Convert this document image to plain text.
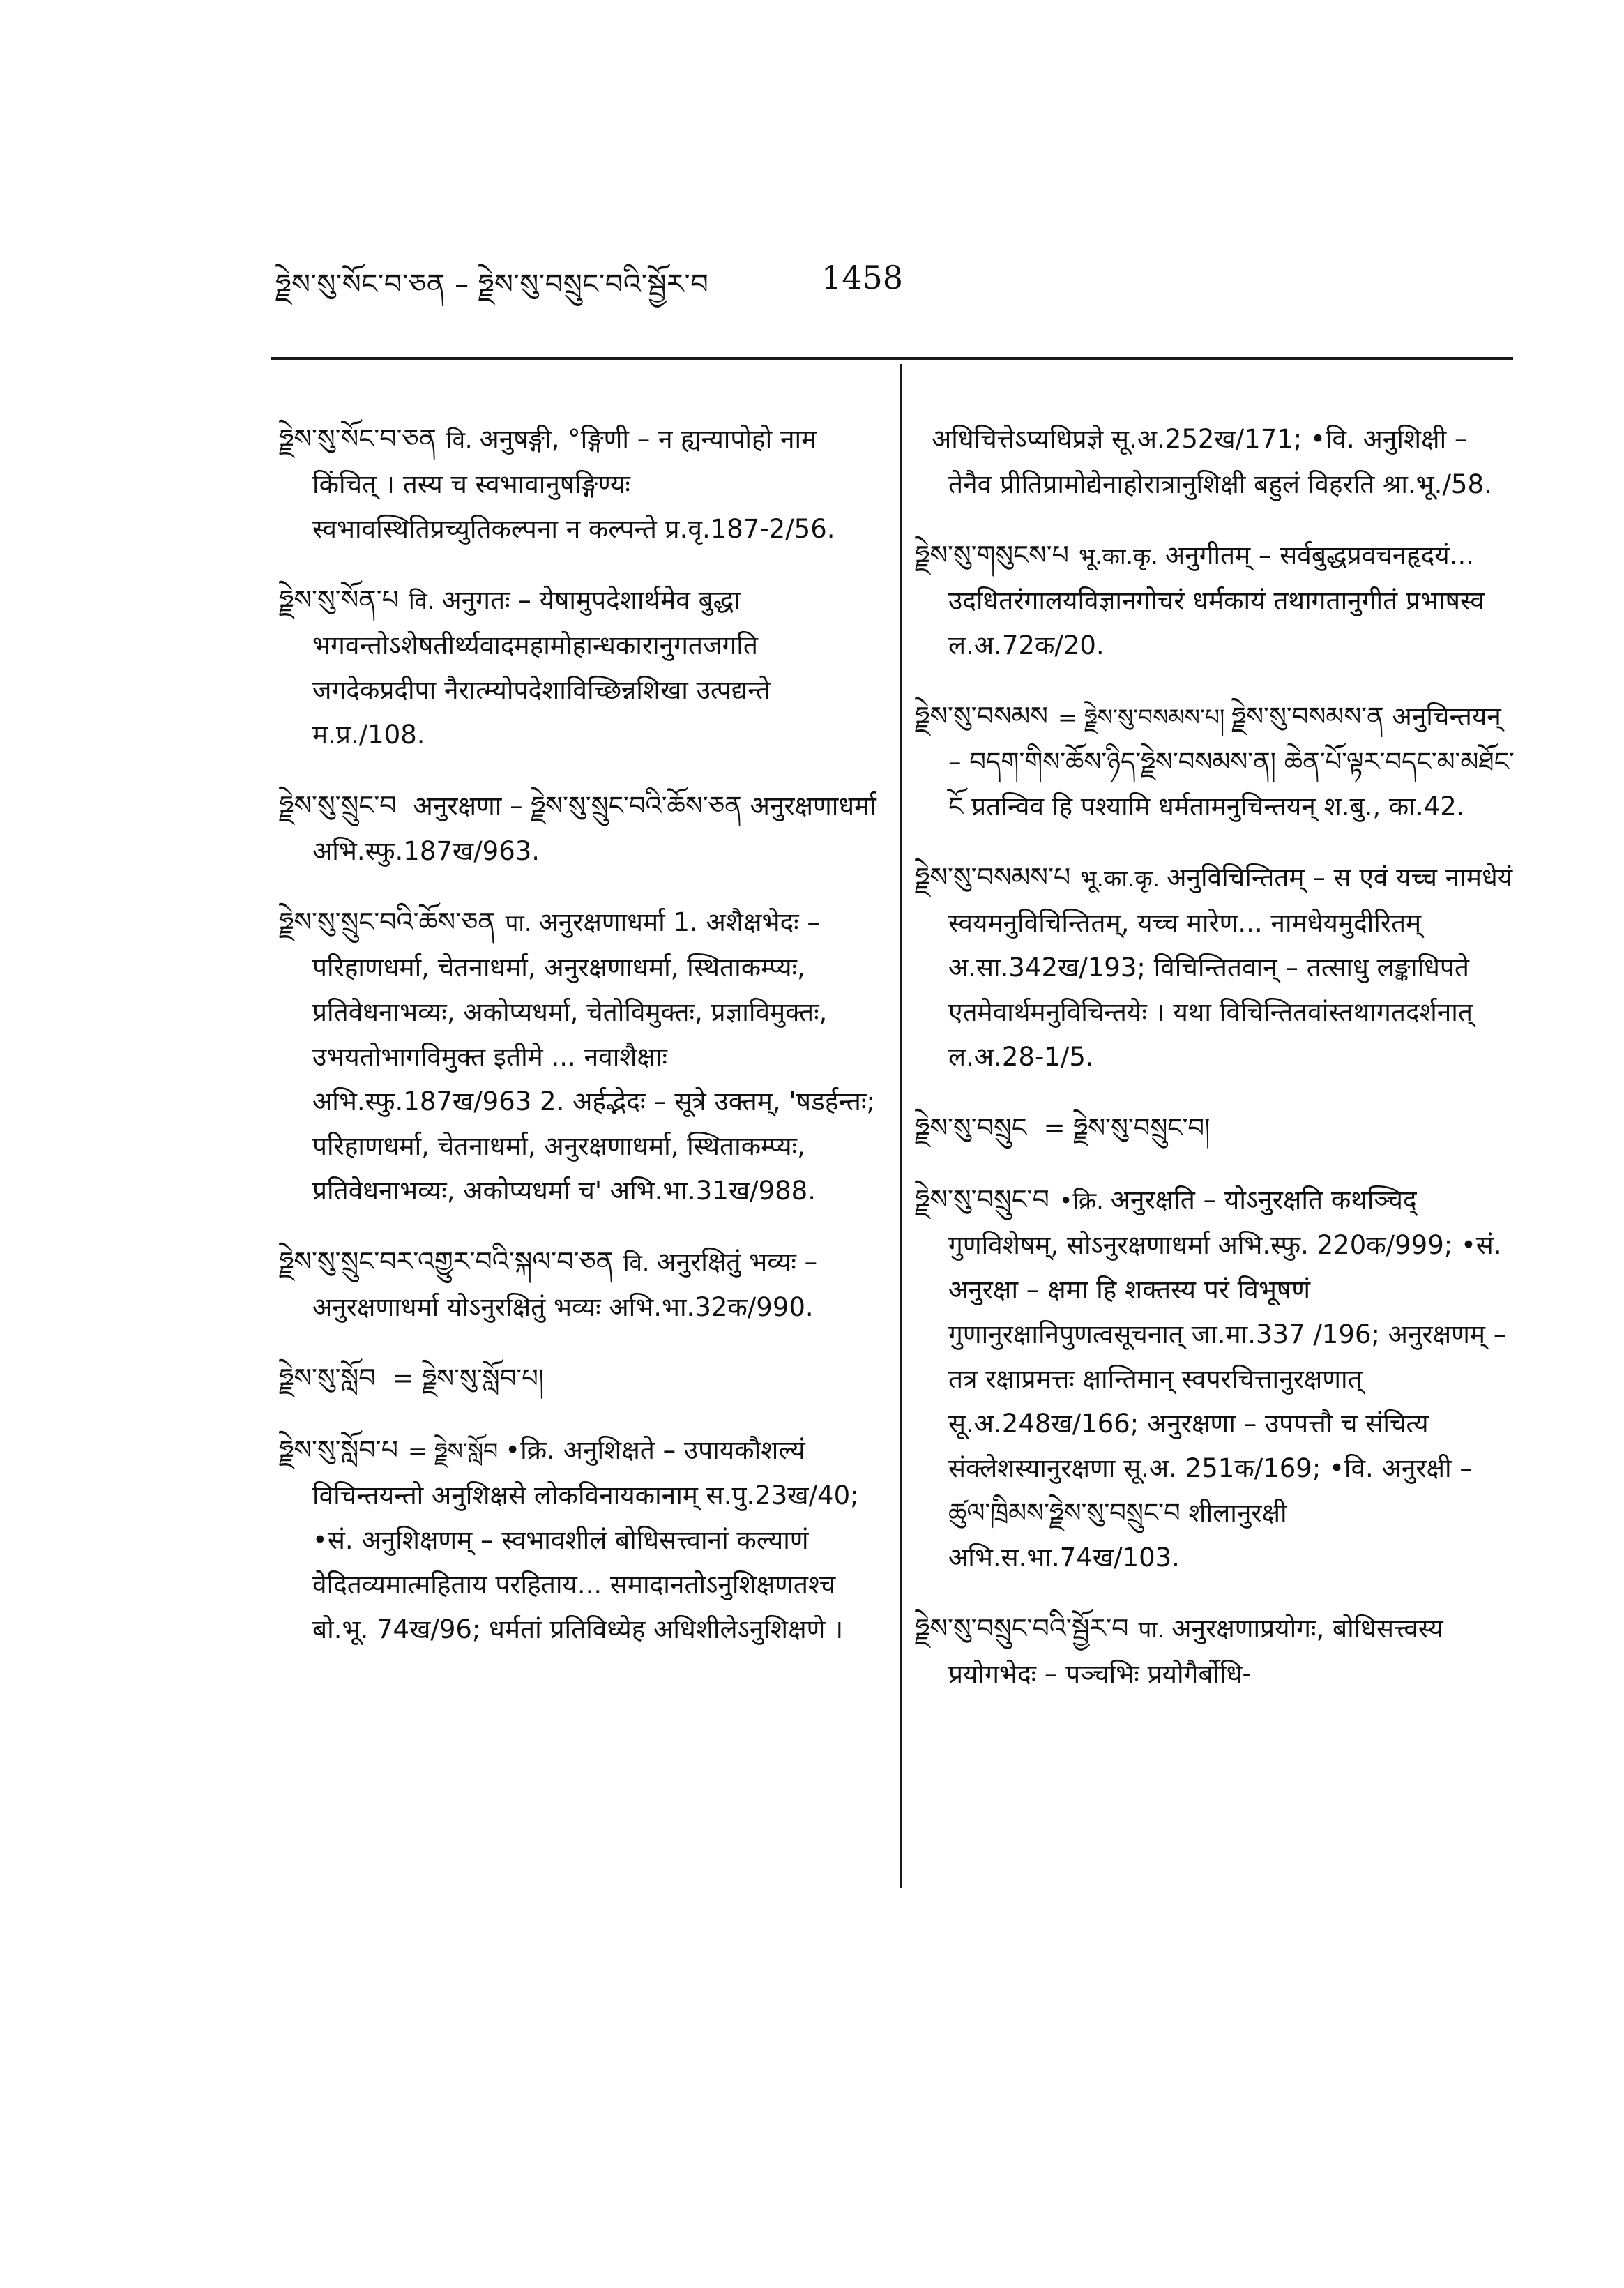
ཧྗེས་སུ་སོང་བ་ཅན – ཧྗེས་སུ་བསྲུང་བའི་སྦྱོར་བ	1458

ཧྗེས་སུ་སོང་བ་ཅན वि. अनुषङ्गी, °ङ्गिणी – न ह्यन्यापोहो नाम किंचित् । तस्य च स्वभावानुषङ्गिण्यः स्वभावस्थितिप्रच्युतिकल्पना न कल्पन्ते प्र.वृ.187-2/56.

ཧྗེས་སུ་སོན་པ वि. अनुगतः – येषामुपदेशार्थमेव बुद्धा भगवन्तोऽशेषतीर्थ्यवादमहामोहान्धकारानुगतजगति जगदेकप्रदीपा नैरात्म्योपदेशाविच्छिन्नशिखा उत्पद्यन्ते म.प्र./108.

ཧྗེས་སུ་སྲུང་བ अनुरक्षणा – ཧྗེས་སུ་སྲུང་བའི་ཆོས་ཅན अनुरक्षणाधर्मा अभि.स्फु.187ख/963.

ཧྗེས་སུ་སྲུང་བའི་ཆོས་ཅན पा. अनुरक्षणाधर्मा 1. अशैक्षभेदः – परिहाणधर्मा, चेतनाधर्मा, अनुरक्षणाधर्मा, स्थिताकम्प्यः, प्रतिवेधनाभव्यः, अकोप्यधर्मा, चेतोविमुक्तः, प्रज्ञाविमुक्तः, उभयतोभागविमुक्त इतीमे ... नवाशैक्षाः अभि.स्फु.187ख/963 2. अर्हद्भेदः – सूत्रे उक्तम्, 'षडर्हन्तः; परिहाणधर्मा, चेतनाधर्मा, अनुरक्षणाधर्मा, स्थिताकम्प्यः, प्रतिवेधनाभव्यः, अकोप्यधर्मा च' अभि.भा.31ख/988.

ཧྗེས་སུ་སྲུང་བར་འགྱུར་བའི་སྐལ་བ་ཅན वि. अनुरक्षितुं भव्यः – अनुरक्षणाधर्मा योऽनुरक्षितुं भव्यः अभि.भा.32क/990.

ཧྗེས་སུ་སློབ = ཧྗེས་སུ་སློབ་པ།

ཧྗེས་སུ་སློབ་པ = ཧྗེས་སློབ •क्रि. अनुशिक्षते – उपायकौशल्यं विचिन्तयन्तो अनुशिक्षसे लोकविनायकानाम् स.पु.23ख/40; •सं. अनुशिक्षणम् – स्वभावशीलं बोधिसत्त्वानां कल्याणं वेदितव्यमात्महिताय परहिताय... समादानतोऽनुशिक्षणतश्च बो.भू. 74ख/96; धर्मतां प्रतिविध्येह अधिशीलेऽनुशिक्षणे ।

अधिचित्तेऽप्यधिप्रज्ञे सू.अ.252ख/171; •वि. अनुशिक्षी – तेनैव प्रीतिप्रामोद्येनाहोरात्रानुशिक्षी बहुलं विहरति श्रा.भू./58.

ཧྗེས་སུ་གསུངས་པ भू.का.कृ. अनुगीतम् – सर्वबुद्धप्रवचनहृदयं... उदधितरंगालयविज्ञानगोचरं धर्मकायं तथागतानुगीतं प्रभाषस्व ल.अ.72क/20.

ཧྗེས་སུ་བསམས = ཧྗེས་སུ་བསམས་པ། ཧྗེས་སུ་བསམས་ན अनुचिन्तयन् – བདག་གིས་ཆོས་ཉིད་ཧྗེས་བསམས་ན། ཆེན་པོ་ལྟར་བདང་མ་མཐོང་ངོ प्रतन्विव हि पश्यामि धर्मतामनुचिन्तयन् श.बु., का.42.

ཧྗེས་སུ་བསམས་པ भू.का.कृ. अनुविचिन्तितम् – स एवं यच्च नामधेयं स्वयमनुविचिन्तितम्, यच्च मारेण... नामधेयमुदीरितम् अ.सा.342ख/193; विचिन्तितवान् – तत्साधु लङ्काधिपते एतमेवार्थमनुविचिन्तयेः । यथा विचिन्तितवांस्तथागतदर्शनात् ल.अ.28-1/5.

ཧྗེས་སུ་བསྲུང = ཧྗེས་སུ་བསྲུང་བ།

ཧྗེས་སུ་བསྲུང་བ •क्रि. अनुरक्षति – योऽनुरक्षति कथञ्चिद् गुणविशेषम्, सोऽनुरक्षणाधर्मा अभि.स्फु. 220क/999; •सं. अनुरक्षा – क्षमा हि शक्तस्य परं विभूषणं गुणानुरक्षानिपुणत्वसूचनात् जा.मा.337 /196; अनुरक्षणम् – तत्र रक्षाप्रमत्तः क्षान्तिमान् स्वपरचित्तानुरक्षणात् सू.अ.248ख/166; अनुरक्षणा – उपपत्तौ च संचित्य संक्लेशस्यानुरक्षणा सू.अ. 251क/169; •वि. अनुरक्षी – ཚུལ་ཁྲིམས་ཧྗེས་སུ་བསྲུང་བ शीलानुरक्षी अभि.स.भा.74ख/103.

ཧྗེས་སུ་བསྲུང་བའི་སྦྱོར་བ पा. अनुरक्षणाप्रयोगः, बोधिसत्त्वस्य प्रयोगभेदः – पञ्चभिः प्रयोगैर्बोधि-
